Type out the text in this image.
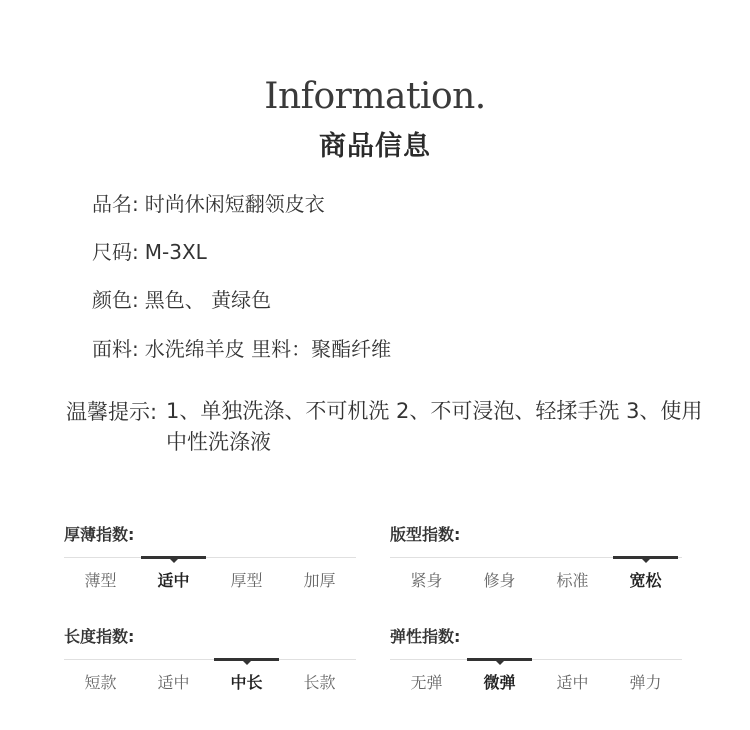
Information.
商品信息
品名: 时尚休闲短翻领皮衣
尺码: M-3XL
颜色: 黑色、 黄绿色
面料: 水洗绵羊皮 里料：聚酯纤维
温馨提示: 1、单独洗涤、不可机洗 2、不可浸泡、轻揉手洗 3、使用中性洗涤液
厚薄指数:
薄型	适中	厚型	加厚
版型指数:
紧身	修身	标准	宽松
长度指数:
短款	适中	中长	长款
弹性指数:
无弹	微弹	适中	弹力
